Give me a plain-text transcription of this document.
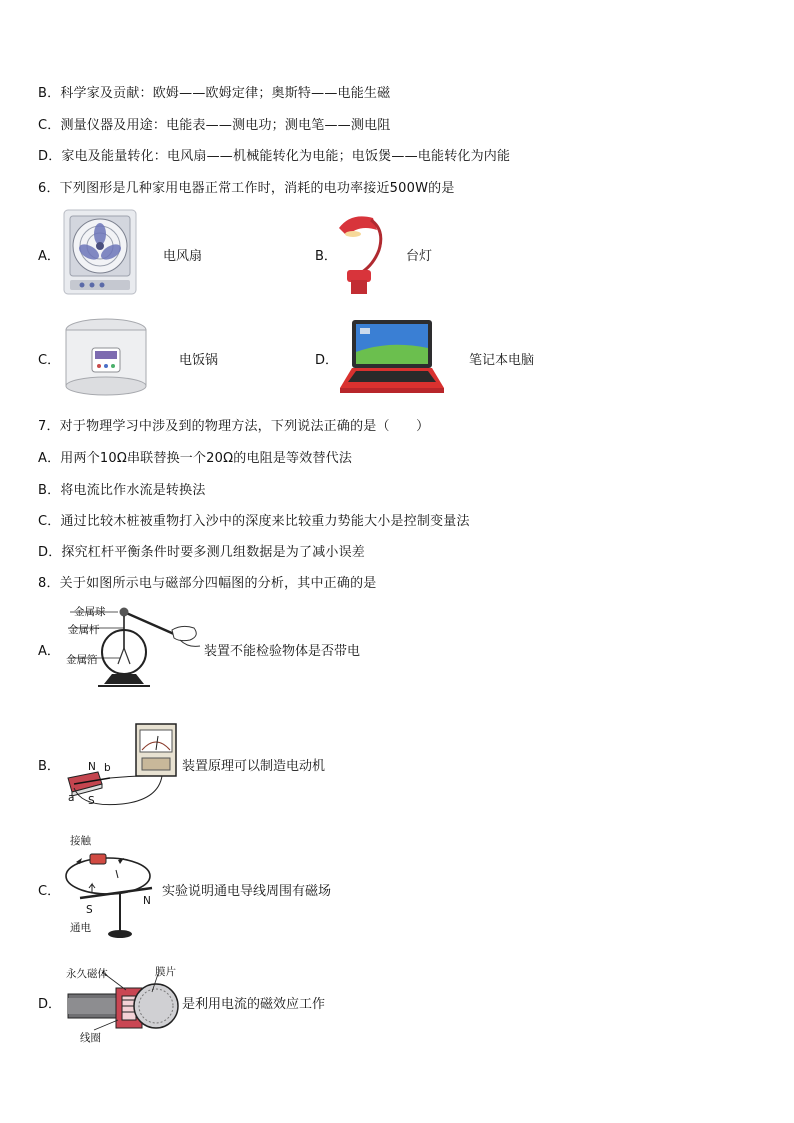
B．科学家及贡献：欧姆——欧姆定律；奥斯特——电能生磁
C．测量仪器及用途：电能表——测电功；测电笔——测电阻
D．家电及能量转化：电风扇——机械能转化为电能；电饭煲——电能转化为内能
6．下列图形是几种家用电器正常工作时，消耗的电功率接近500W的是
A．	电风扇	B．	台灯
C．	电饭锅	D．	笔记本电脑
7．对于物理学习中涉及到的物理方法，下列说法正确的是（　　）
A．用两个10Ω串联替换一个20Ω的电阻是等效替代法
B．将电流比作水流是转换法
C．通过比较木桩被重物打入沙中的深度来比较重力势能大小是控制变量法
D．探究杠杆平衡条件时要多测几组数据是为了减小误差
8．关于如图所示电与磁部分四幅图的分析，其中正确的是
A．
金属球
金属杆
金属箔
装置不能检验物体是否带电
B．	N b
a S
装置原理可以制造电动机
C．
接触
S
N
通电
实验说明通电导线周围有磁场
D．
永久磁体	膜片
线圈
是利用电流的磁效应工作
